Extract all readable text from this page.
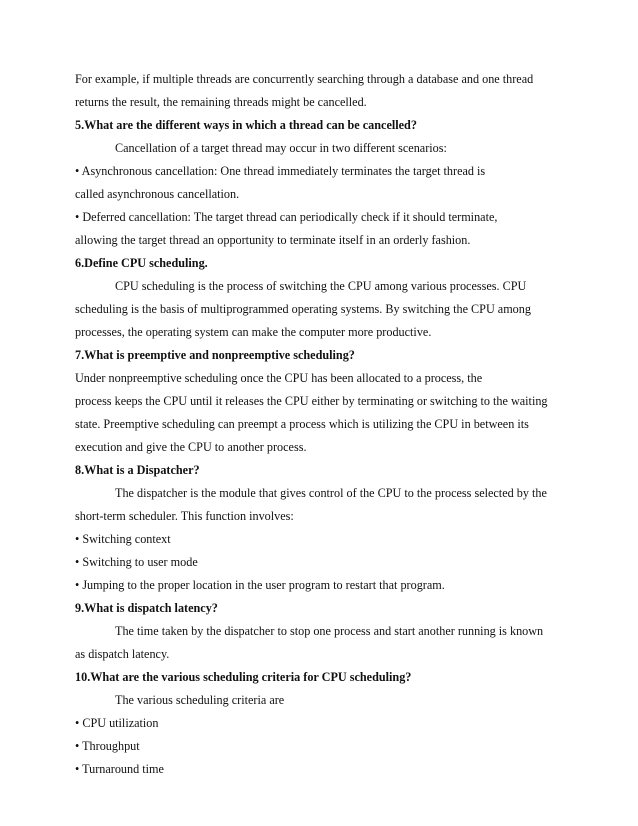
For example, if multiple threads are concurrently searching through a database and one thread
returns the result, the remaining threads might be cancelled.
5.What are the different ways in which a thread can be cancelled?
Cancellation of a target thread may occur in two different scenarios:
• Asynchronous cancellation: One thread immediately terminates the target thread is
called asynchronous cancellation.
• Deferred cancellation: The target thread can periodically check if it should terminate,
allowing the target thread an opportunity to terminate itself in an orderly fashion.
6.Define CPU scheduling.
CPU scheduling is the process of switching the CPU among various processes. CPU
scheduling is the basis of multiprogrammed operating systems. By switching the CPU among
processes, the operating system can make the computer more productive.
7.What is preemptive and nonpreemptive scheduling?
Under nonpreemptive scheduling once the CPU has been allocated to a process, the
process keeps the CPU until it releases the CPU either by terminating or switching to the waiting
state. Preemptive scheduling can preempt a process which is utilizing the CPU in between its
execution and give the CPU to another process.
8.What is a Dispatcher?
The dispatcher is the module that gives control of the CPU to the process selected by the
short-term scheduler. This function involves:
• Switching context
• Switching to user mode
• Jumping to the proper location in the user program to restart that program.
9.What is dispatch latency?
The time taken by the dispatcher to stop one process and start another running is known
as dispatch latency.
10.What are the various scheduling criteria for CPU scheduling?
The various scheduling criteria are
• CPU utilization
• Throughput
• Turnaround time
